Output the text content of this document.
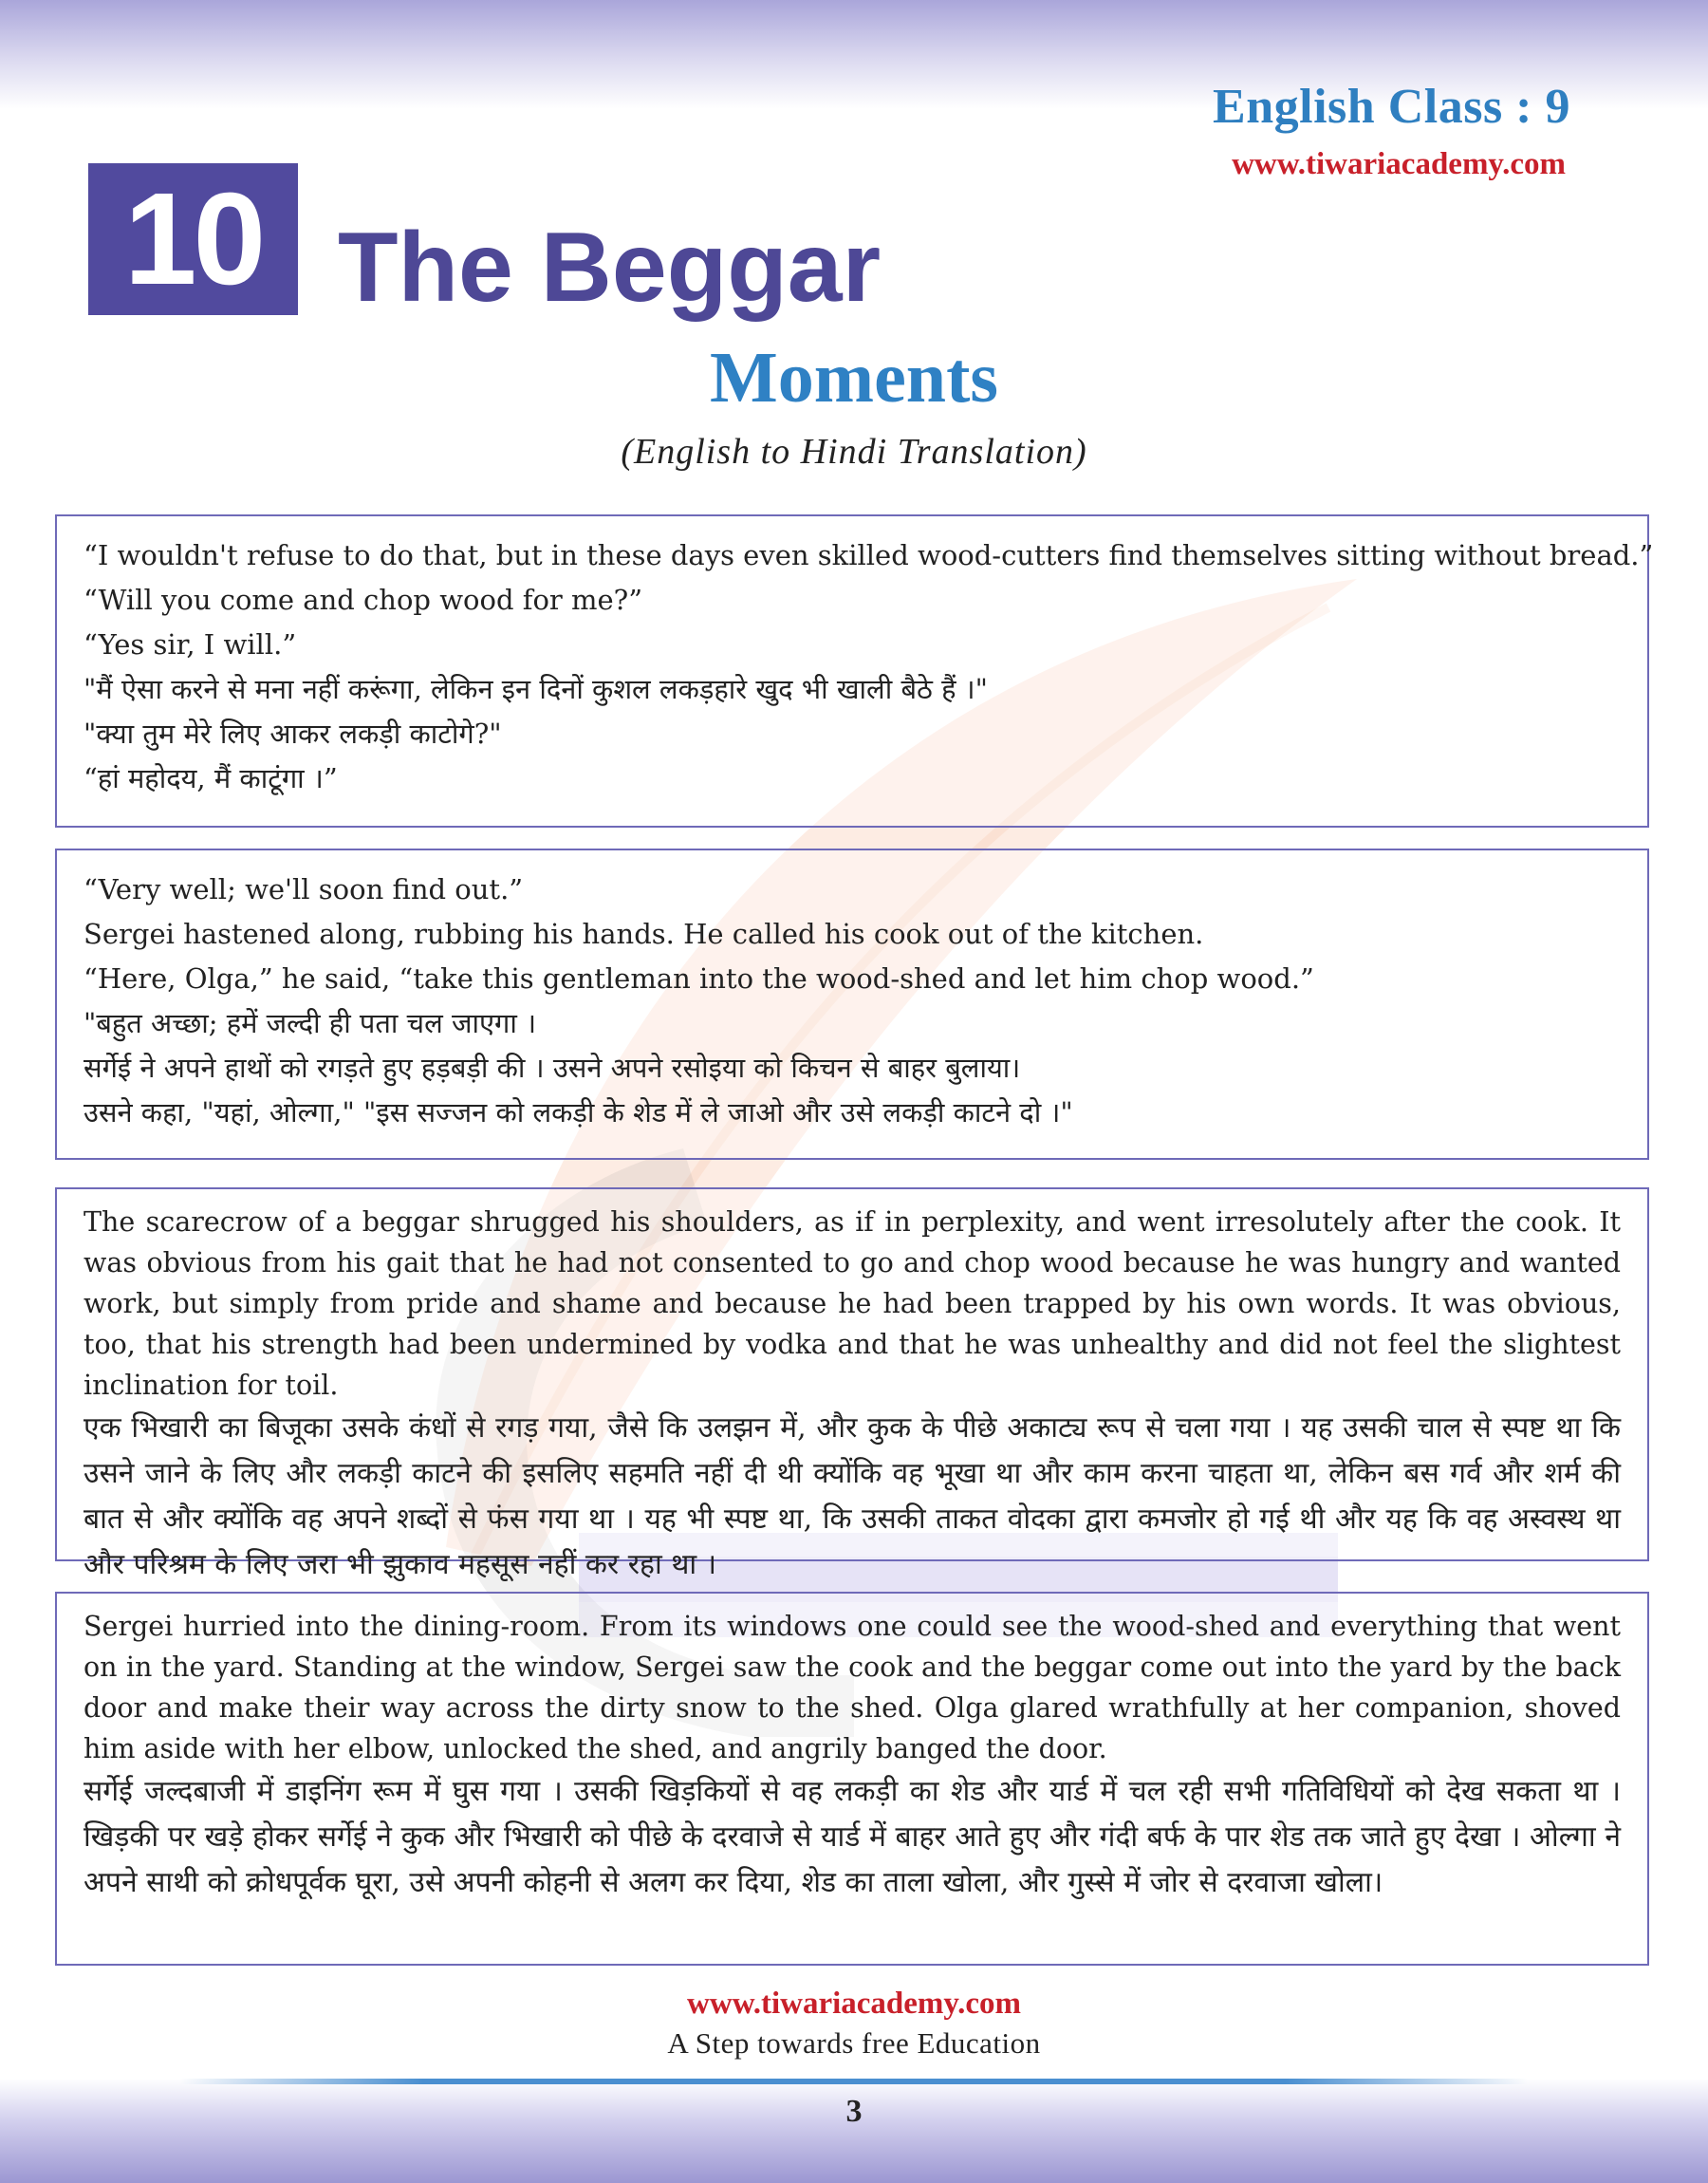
English Class : 9
www.tiwariacademy.com
10 The Beggar
Moments
(English to Hindi Translation)
“I wouldn't refuse to do that, but in these days even skilled wood-cutters find themselves sitting without bread.”
“Will you come and chop wood for me?”
“Yes sir, I will.”
"मैं ऐसा करने से मना नहीं करूंगा, लेकिन इन दिनों कुशल लकड़हारे खुद भी खाली बैठे हैं ।"
"क्या तुम मेरे लिए आकर लकड़ी काटोगे?"
“हां महोदय, मैं काटूंगा ।”
“Very well; we'll soon find out.”
Sergei hastened along, rubbing his hands. He called his cook out of the kitchen.
“Here, Olga,” he said, “take this gentleman into the wood-shed and let him chop wood.”
"बहुत अच्छा; हमें जल्दी ही पता चल जाएगा ।
सर्गेई ने अपने हाथों को रगड़ते हुए हड़बड़ी की । उसने अपने रसोइया को किचन से बाहर बुलाया।
उसने कहा, "यहां, ओल्गा," "इस सज्जन को लकड़ी के शेड में ले जाओ और उसे लकड़ी काटने दो ।"
The scarecrow of a beggar shrugged his shoulders, as if in perplexity, and went irresolutely after the cook. It was obvious from his gait that he had not consented to go and chop wood because he was hungry and wanted work, but simply from pride and shame and because he had been trapped by his own words. It was obvious, too, that his strength had been undermined by vodka and that he was unhealthy and did not feel the slightest inclination for toil.
एक भिखारी का बिजूका उसके कंधों से रगड़ गया, जैसे कि उलझन में, और कुक के पीछे अकाट्य रूप से चला गया । यह उसकी चाल से स्पष्ट था कि उसने जाने के लिए और लकड़ी काटने की इसलिए सहमति नहीं दी थी क्योंकि वह भूखा था और काम करना चाहता था, लेकिन बस गर्व और शर्म की बात से और क्योंकि वह अपने शब्दों से फंस गया था । यह भी स्पष्ट था, कि उसकी ताकत वोदका द्वारा कमजोर हो गई थी और यह कि वह अस्वस्थ था और परिश्रम के लिए जरा भी झुकाव महसूस नहीं कर रहा था ।
Sergei hurried into the dining-room. From its windows one could see the wood-shed and everything that went on in the yard. Standing at the window, Sergei saw the cook and the beggar come out into the yard by the back door and make their way across the dirty snow to the shed. Olga glared wrathfully at her companion, shoved him aside with her elbow, unlocked the shed, and angrily banged the door.
सर्गेई जल्दबाजी में डाइनिंग रूम में घुस गया । उसकी खिड़कियों से वह लकड़ी का शेड और यार्ड में चल रही सभी गतिविधियों को देख सकता था । खिड़की पर खड़े होकर सर्गेई ने कुक और भिखारी को पीछे के दरवाजे से यार्ड में बाहर आते हुए और गंदी बर्फ के पार शेड तक जाते हुए देखा । ओल्गा ने अपने साथी को क्रोधपूर्वक घूरा, उसे अपनी कोहनी से अलग कर दिया, शेड का ताला खोला, और गुस्से में जोर से दरवाजा खोला।
www.tiwariacademy.com
A Step towards free Education
3
